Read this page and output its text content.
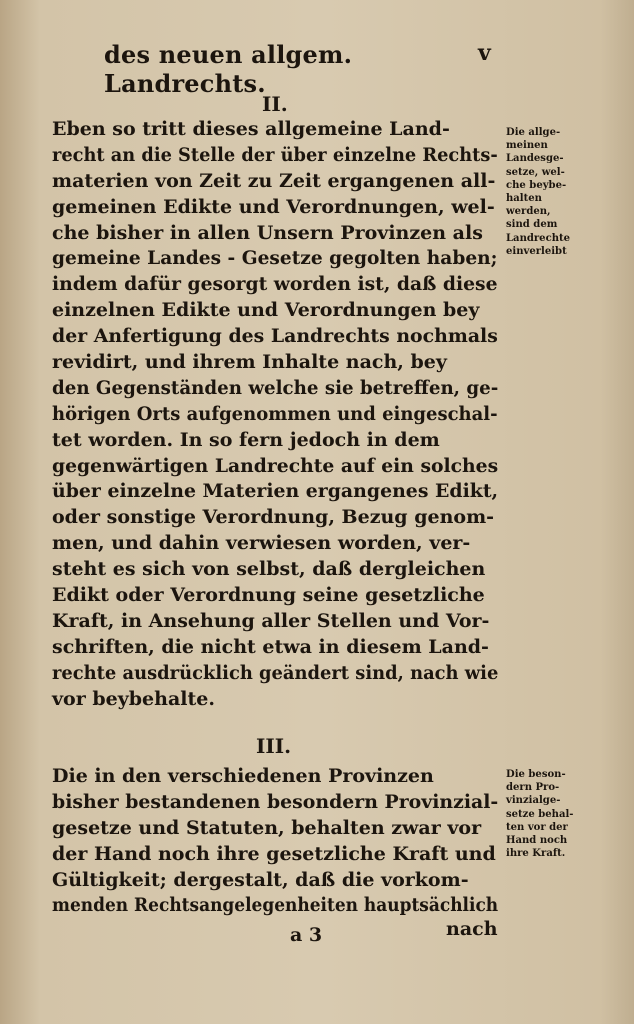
des neuen allgem. Landrechts.
v
II.
Eben so tritt dieses allgemeine Land-
recht an die Stelle der über einzelne Rechts-
materien von Zeit zu Zeit ergangenen all-
gemeinen Edikte und Verordnungen, wel-
che bisher in allen Unsern Provinzen als
gemeine Landes - Gesetze gegolten haben;
indem dafür gesorgt worden ist, daß diese
einzelnen Edikte und Verordnungen bey
der Anfertigung des Landrechts nochmals
revidirt, und ihrem Inhalte nach, bey
den Gegenständen welche sie betreffen, ge-
hörigen Orts aufgenommen und eingeschal-
tet worden. In so fern jedoch in dem
gegenwärtigen Landrechte auf ein solches
über einzelne Materien ergangenes Edikt,
oder sonstige Verordnung, Bezug genom-
men, und dahin verwiesen worden, ver-
steht es sich von selbst, daß dergleichen
Edikt oder Verordnung seine gesetzliche
Kraft, in Ansehung aller Stellen und Vor-
schriften, die nicht etwa in diesem Land-
rechte ausdrücklich geändert sind, nach wie
vor beybehalte.
Die allge-
meinen
Landesge-
setze, wel-
che beybe-
halten
werden,
sind dem
Landrechte
einverleibt
III.
Die in den verschiedenen Provinzen
bisher bestandenen besondern Provinzial-
gesetze und Statuten, behalten zwar vor
der Hand noch ihre gesetzliche Kraft und
Gültigkeit; dergestalt, daß die vorkom-
menden Rechtsangelegenheiten hauptsächlich
Die beson-
dern Pro-
vinzialge-
setze behal-
ten vor der
Hand noch
ihre Kraft.
a 3	nach
